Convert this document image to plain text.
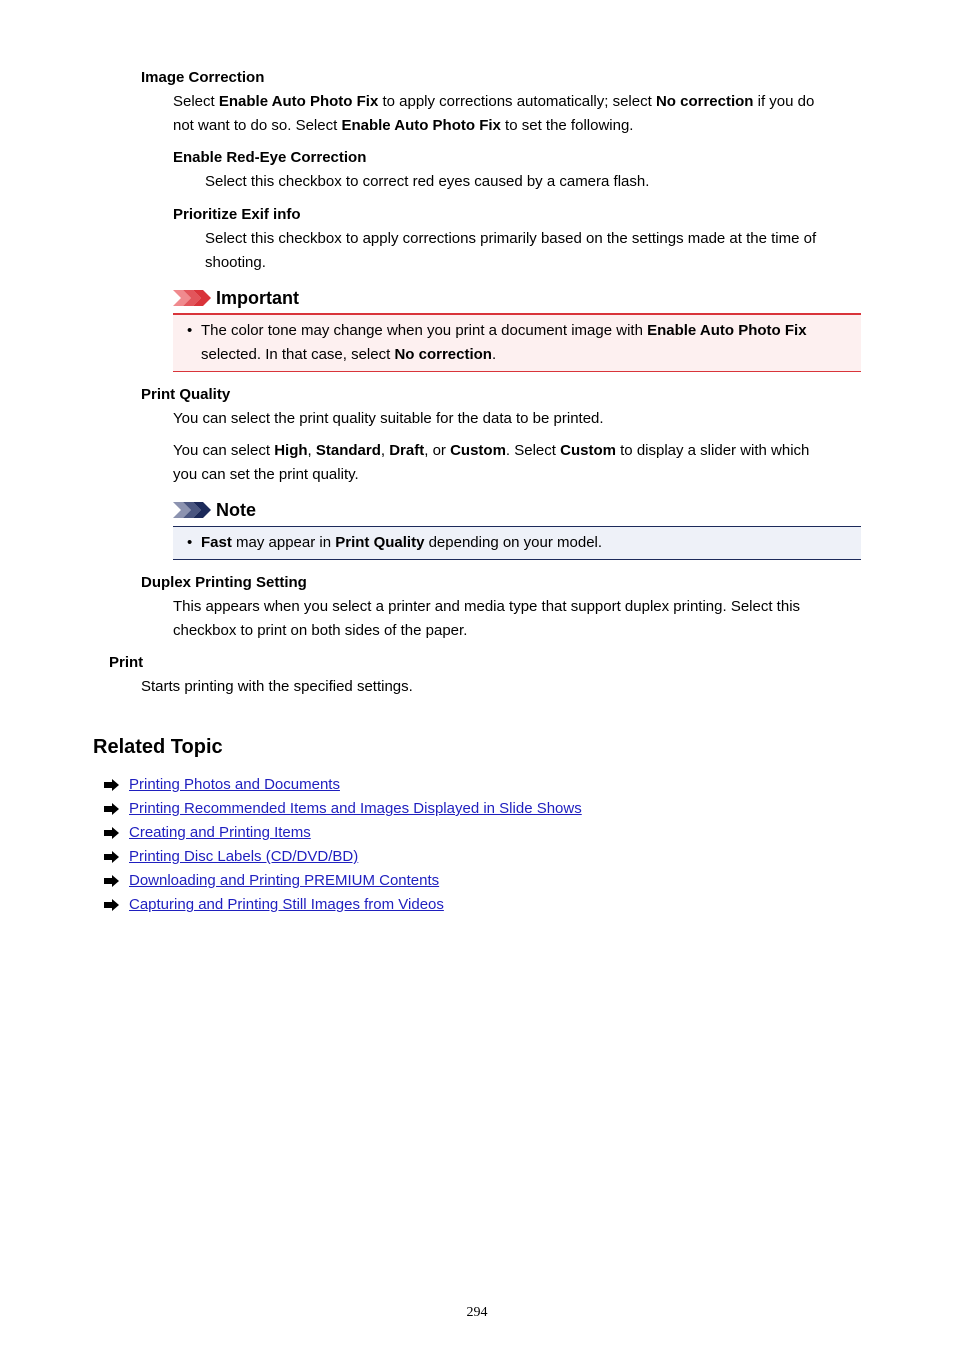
Image Correction
Select Enable Auto Photo Fix to apply corrections automatically; select No correction if you do
not want to do so. Select Enable Auto Photo Fix to set the following.
Enable Red-Eye Correction
Select this checkbox to correct red eyes caused by a camera flash.
Prioritize Exif info
Select this checkbox to apply corrections primarily based on the settings made at the time of
shooting.
Important
• The color tone may change when you print a document image with Enable Auto Photo Fix
selected. In that case, select No correction.
Print Quality
You can select the print quality suitable for the data to be printed.
You can select High, Standard, Draft, or Custom. Select Custom to display a slider with which
you can set the print quality.
Note
• Fast may appear in Print Quality depending on your model.
Duplex Printing Setting
This appears when you select a printer and media type that support duplex printing. Select this
checkbox to print on both sides of the paper.
Print
Starts printing with the specified settings.
Related Topic
Printing Photos and Documents
Printing Recommended Items and Images Displayed in Slide Shows
Creating and Printing Items
Printing Disc Labels (CD/DVD/BD)
Downloading and Printing PREMIUM Contents
Capturing and Printing Still Images from Videos
294
